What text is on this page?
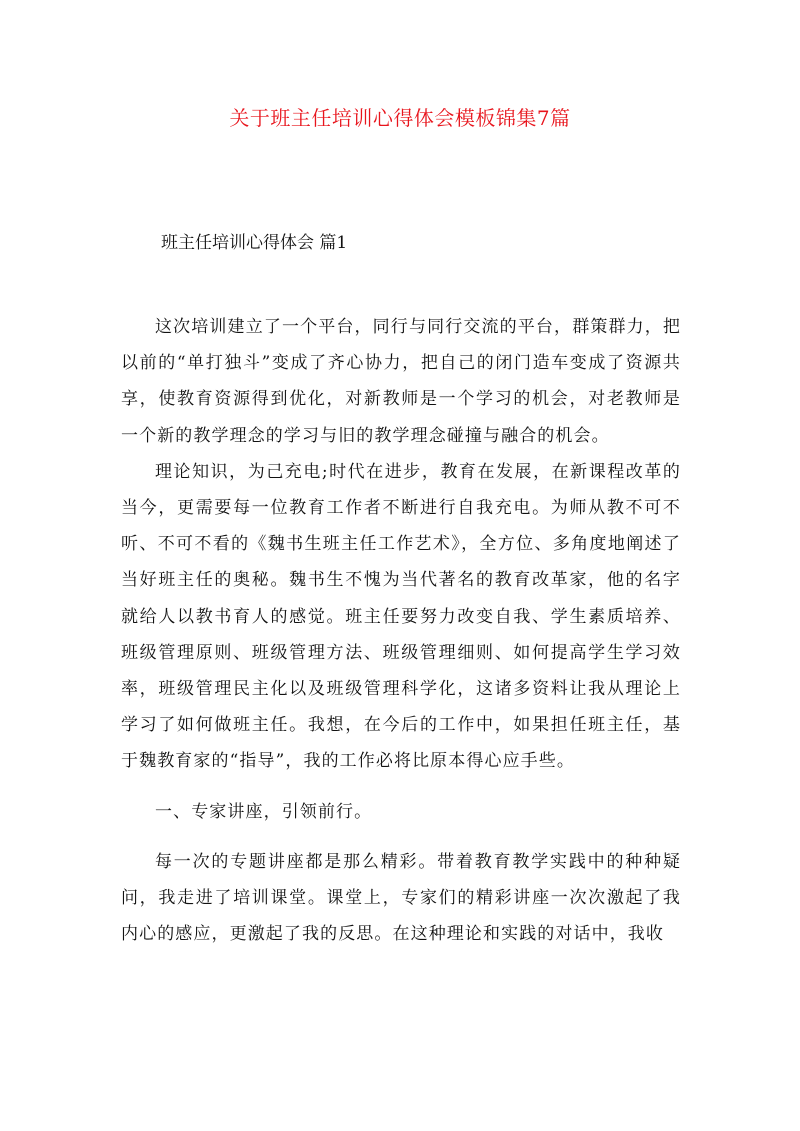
关于班主任培训心得体会模板锦集7篇
班主任培训心得体会 篇1

这次培训建立了一个平台，同行与同行交流的平台，群策群力，把以前的“单打独斗”变成了齐心协力，把自己的闭门造车变成了资源共享，使教育资源得到优化，对新教师是一个学习的机会，对老教师是一个新的教学理念的学习与旧的教学理念碰撞与融合的机会。

理论知识，为己充电;时代在进步，教育在发展，在新课程改革的当今，更需要每一位教育工作者不断进行自我充电。为师从教不可不听、不可不看的《魏书生班主任工作艺术》，全方位、多角度地阐述了当好班主任的奥秘。魏书生不愧为当代著名的教育改革家，他的名字就给人以教书育人的感觉。班主任要努力改变自我、学生素质培养、班级管理原则、班级管理方法、班级管理细则、如何提高学生学习效率，班级管理民主化以及班级管理科学化，这诸多资料让我从理论上学习了如何做班主任。我想，在今后的工作中，如果担任班主任，基于魏教育家的“指导”，我的工作必将比原本得心应手些。

一、专家讲座，引领前行。

每一次的专题讲座都是那么精彩。带着教育教学实践中的种种疑问，我走进了培训课堂。课堂上，专家们的精彩讲座一次次激起了我内心的感应，更激起了我的反思。在这种理论和实践的对话中，我收
